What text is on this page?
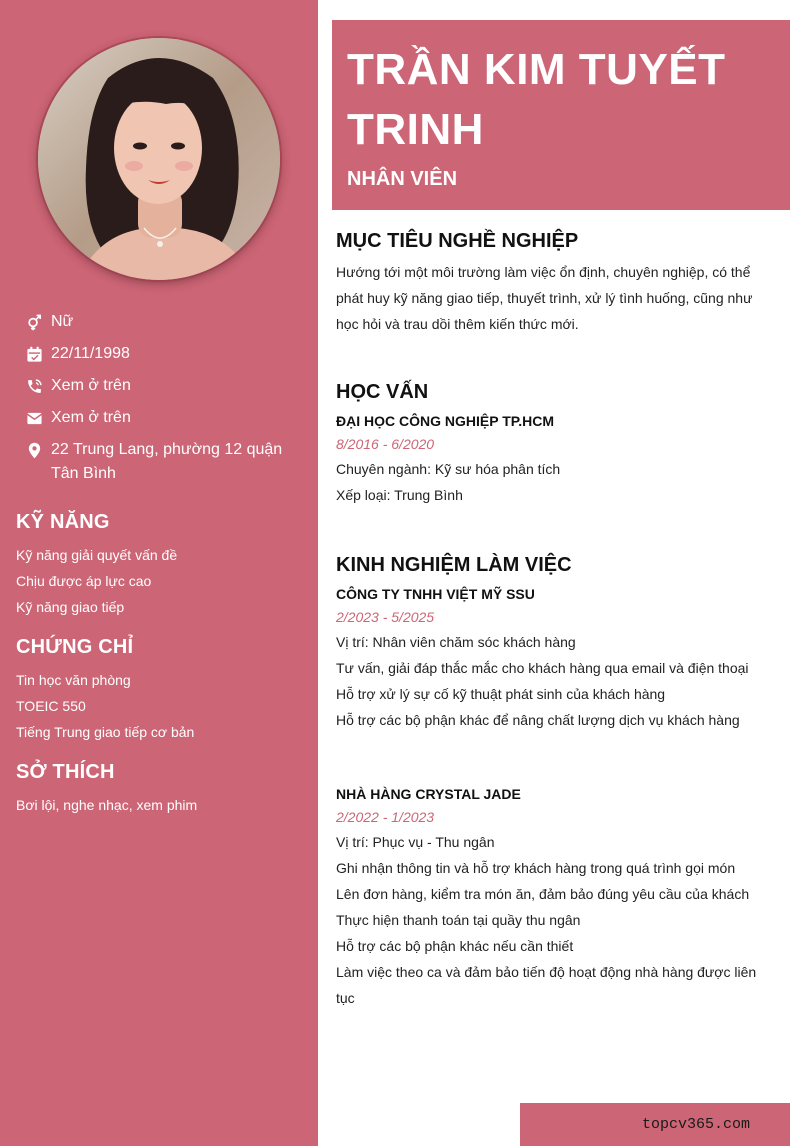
Nữ
22/11/1998
Xem ở trên
Xem ở trên
22 Trung Lang, phường 12 quận Tân Bình
KỸ NĂNG
Kỹ năng giải quyết vấn đề
Chịu được áp lực cao
Kỹ năng giao tiếp
CHỨNG CHỈ
Tin học văn phòng
TOEIC 550
Tiếng Trung giao tiếp cơ bản
SỞ THÍCH
Bơi lội, nghe nhạc, xem phim
TRẦN KIM TUYẾT TRINH
NHÂN VIÊN
MỤC TIÊU NGHỀ NGHIỆP

Hướng tới một môi trường làm việc ổn định, chuyên nghiệp, có thể phát huy kỹ năng giao tiếp, thuyết trình, xử lý tình huống, cũng như học hỏi và trau dồi thêm kiến thức mới.

HỌC VẤN
ĐẠI HỌC CÔNG NGHIỆP TP.HCM
8/2016 - 6/2020
Chuyên ngành: Kỹ sư hóa phân tích
Xếp loại: Trung Bình
KINH NGHIỆM LÀM VIỆC
CÔNG TY TNHH VIỆT MỸ SSU
2/2023 - 5/2025
Vị trí: Nhân viên chăm sóc khách hàng
Tư vấn, giải đáp thắc mắc cho khách hàng qua email và điện thoại
Hỗ trợ xử lý sự cố kỹ thuật phát sinh của khách hàng
Hỗ trợ các bộ phận khác để nâng chất lượng dịch vụ khách hàng
NHÀ HÀNG CRYSTAL JADE
2/2022 - 1/2023
Vị trí: Phục vụ - Thu ngân
Ghi nhận thông tin và hỗ trợ khách hàng trong quá trình gọi món
Lên đơn hàng, kiểm tra món ăn, đảm bảo đúng yêu cầu của khách
Thực hiện thanh toán tại quầy thu ngân
Hỗ trợ các bộ phận khác nếu cần thiết
Làm việc theo ca và đảm bảo tiến độ hoạt động nhà hàng được liên tục
topcv365.com
